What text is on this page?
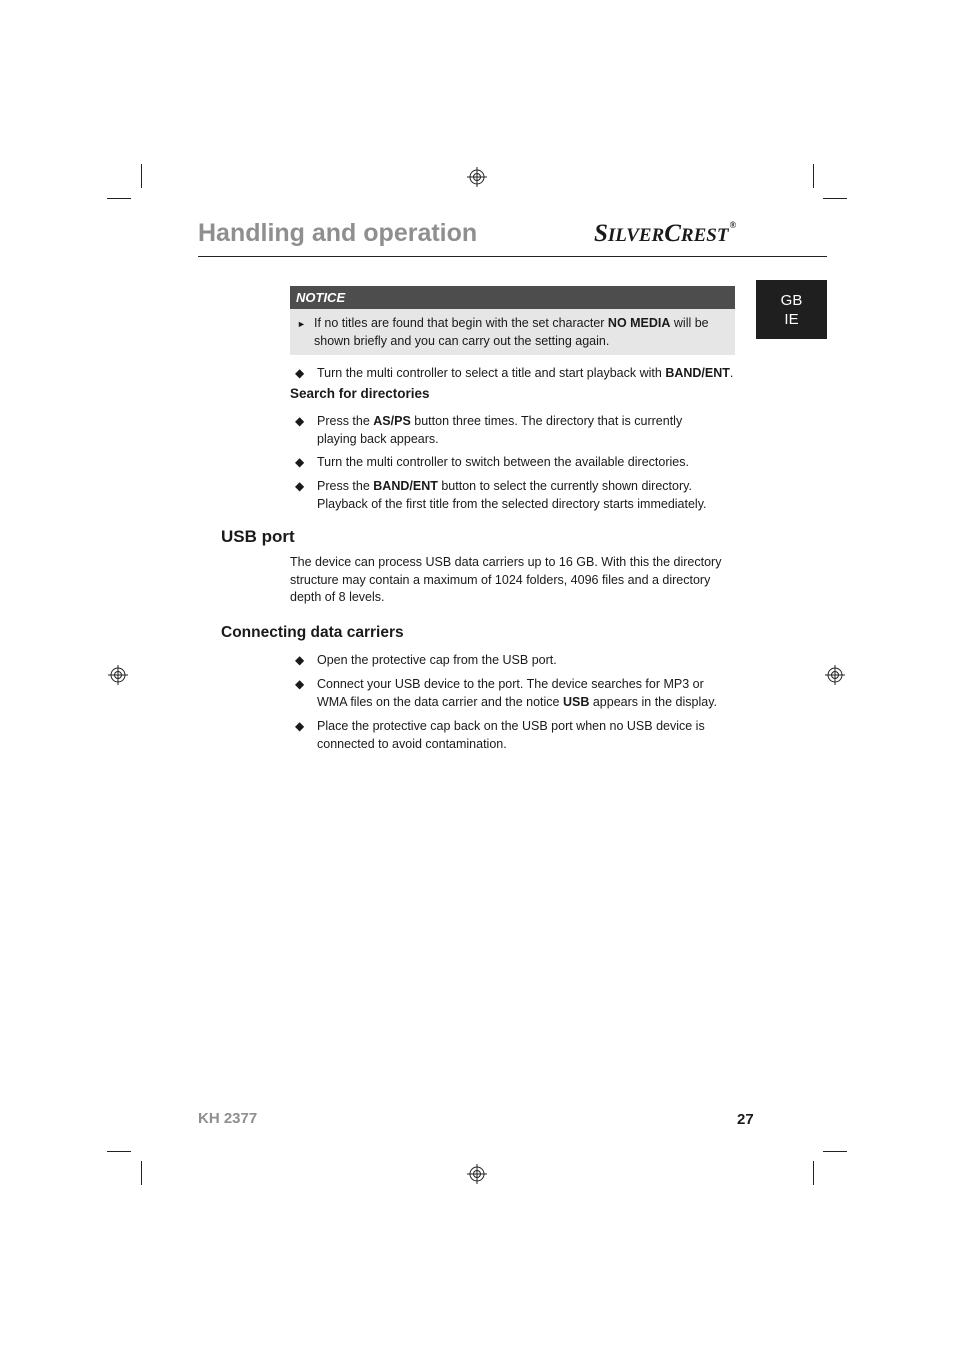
Handling and operation	SILVERCREST®
GB
IE
NOTICE
► If no titles are found that begin with the set character NO MEDIA will be shown briefly and you can carry out the setting again.
◆	Turn the multi controller to select a title and start playback with BAND/ENT.
Search for directories
◆	Press the AS/PS button three times. The directory that is currently playing back appears.
◆	Turn the multi controller to switch between the available directories.
◆	Press the BAND/ENT button to select the currently shown directory. Playback of the first title from the selected directory starts immediately.
USB port
The device can process USB data carriers up to 16 GB. With this the directory structure may contain a maximum of 1024 folders, 4096 files and a directory depth of 8 levels.
Connecting data carriers
◆	Open the protective cap from the USB port.
◆	Connect your USB device to the port. The device searches for MP3 or WMA files on the data carrier and the notice USB appears in the display.
◆	Place the protective cap back on the USB port when no USB device is connected to avoid contamination.
KH 2377	27
